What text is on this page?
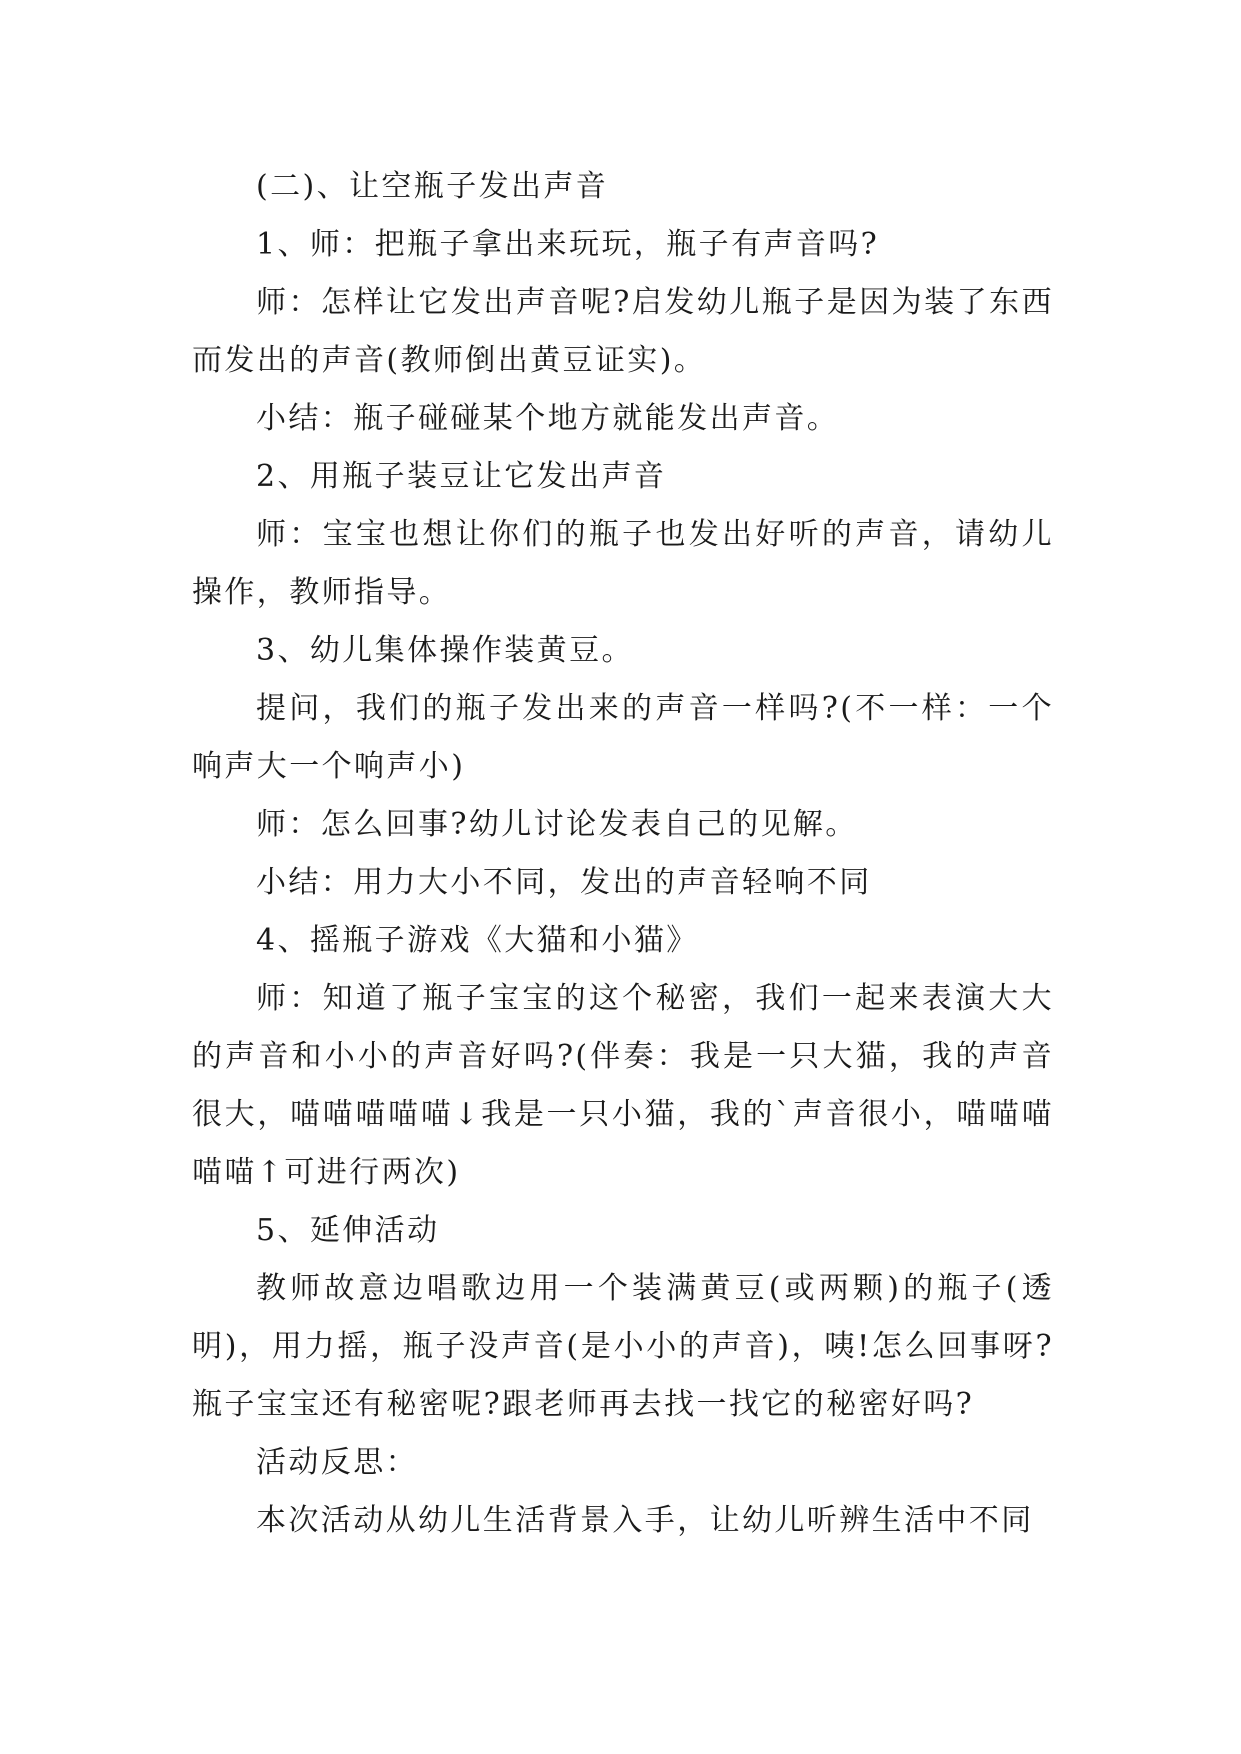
(二)、让空瓶子发出声音

1、师：把瓶子拿出来玩玩，瓶子有声音吗?

师：怎样让它发出声音呢?启发幼儿瓶子是因为装了东西而发出的声音(教师倒出黄豆证实)。

小结：瓶子碰碰某个地方就能发出声音。

2、用瓶子装豆让它发出声音

师：宝宝也想让你们的瓶子也发出好听的声音，请幼儿操作，教师指导。

3、幼儿集体操作装黄豆。

提问，我们的瓶子发出来的声音一样吗?(不一样：一个响声大一个响声小)

师：怎么回事?幼儿讨论发表自己的见解。

小结：用力大小不同，发出的声音轻响不同

4、摇瓶子游戏《大猫和小猫》

师：知道了瓶子宝宝的这个秘密，我们一起来表演大大的声音和小小的声音好吗?(伴奏：我是一只大猫，我的声音很大，喵喵喵喵喵↓我是一只小猫，我的`声音很小，喵喵喵喵喵↑可进行两次)

5、延伸活动

教师故意边唱歌边用一个装满黄豆(或两颗)的瓶子(透明)，用力摇，瓶子没声音(是小小的声音)，咦!怎么回事呀?瓶子宝宝还有秘密呢?跟老师再去找一找它的秘密好吗?

活动反思：

本次活动从幼儿生活背景入手，让幼儿听辨生活中不同
